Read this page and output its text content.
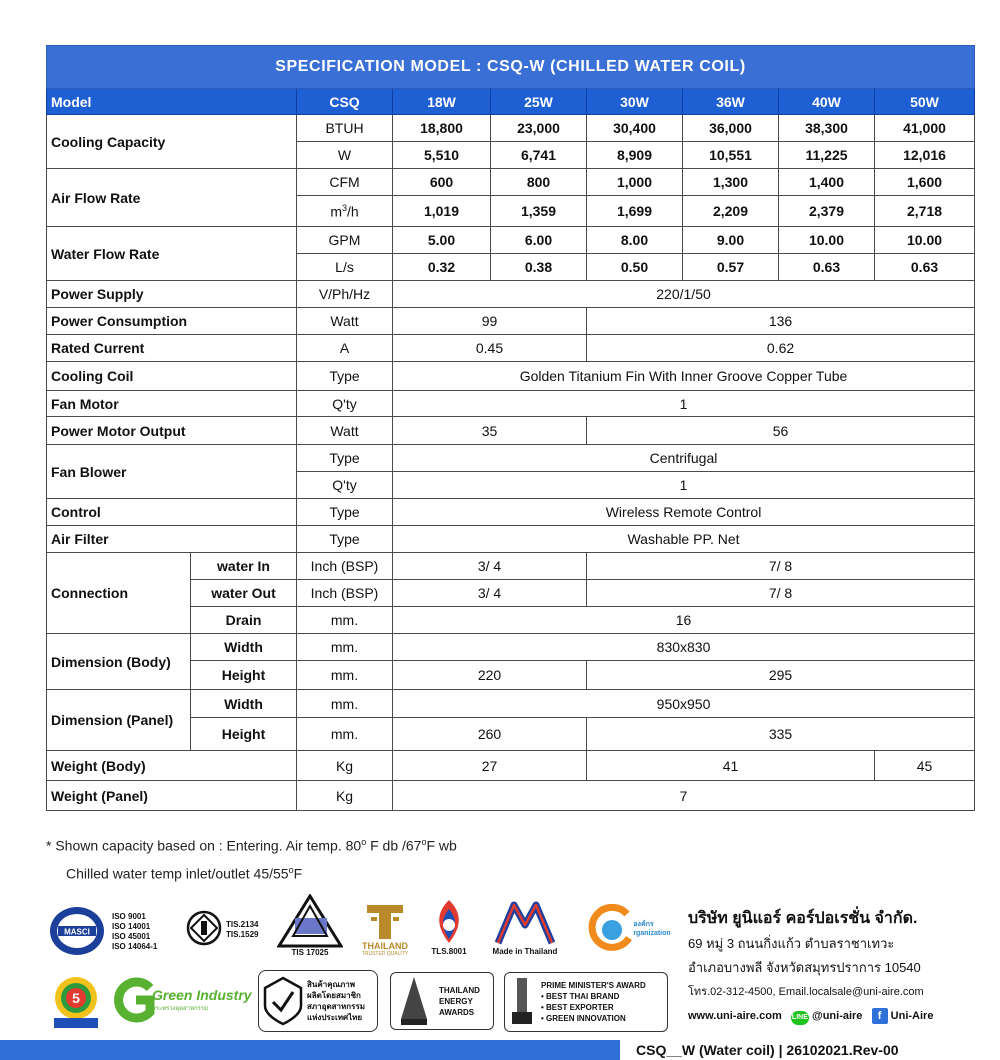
SPECIFICATION MODEL : CSQ-W (CHILLED WATER COIL)								
Model		CSQ	18W	25W	30W	36W	40W	50W
Cooling Capacity		BTUH	18,800	23,000	30,400	36,000	38,300	41,000
		W	5,510	6,741	8,909	10,551	11,225	12,016
Air Flow Rate		CFM	600	800	1,000	1,300	1,400	1,600
		$m^3/h$	1,019	1,359	1,699	2,209	2,379	2,718
Water Flow Rate		GPM	5.00	6.00	8.00	9.00	10.00	10.00
		L/s	0.32	0.38	0.50	0.57	0.63	0.63
Power Supply		V/Ph/Hz	220/1/50					
Power Consumption		Watt	99		136			
Rated Current		A	0.45		0.62			
Cooling Coil		Type	Golden Titanium Fin With Inner Groove Copper Tube					
Fan Motor		Q'ty	1					
Power Motor Output		Watt	35		56			
Fan Blower		Type	Centrifugal					
		Q'ty	1					
Control		Type	Wireless Remote Control					
Air Filter		Type	Washable PP. Net					
Connection	water In	Inch (BSP)	3/ 4		7/ 8			
	water Out	Inch (BSP)	3/ 4		7/ 8			
	Drain	mm.	16					
Dimension (Body)	Width	mm.	830x830					
	Height	mm.	220		295			
Dimension (Panel)	Width	mm.	950x950					
	Height	mm.	260		335			
Weight (Body)		Kg	27		41			45
Weight (Panel)		Kg	7					
* Shown capacity based on : Entering. Air temp. 80$^o$ F db /67$^o$F wb
Chilled water temp inlet/outlet 45/55$^o$F
MASCI
ISO 9001
ISO 14001
ISO 45001
ISO 14064-1
TIS.2134
TIS.1529
TIS 17025
THAILAND
TRUSTED QUALITY	TLS.8001	Made in Thailand
องค์กร
rganization
5	Green Industry
กระทรวงอุตสาหกรรม
สินค้าคุณภาพ
ผลิตโดยสมาชิก
สภาอุตสาหกรรม
แห่งประเทศไทย
THAILAND
ENERGY
AWARDS
PRIME MINISTER'S AWARD
• BEST THAI BRAND
• BEST EXPORTER
• GREEN INNOVATION
บริษัท ยูนิแอร์ คอร์ปอเรชั่น จำกัด.
69 หมู่ 3 ถนนกิ่งแก้ว ตำบลราชาเทวะ
อำเภอบางพลี จังหวัดสมุทรปราการ 10540
โทร.02-312-4500, Email.localsale@uni-aire.com
www.uni-aire.com LINE @uni-aire f Uni-Aire
CSQ__W (Water coil) | 26102021.Rev-00
